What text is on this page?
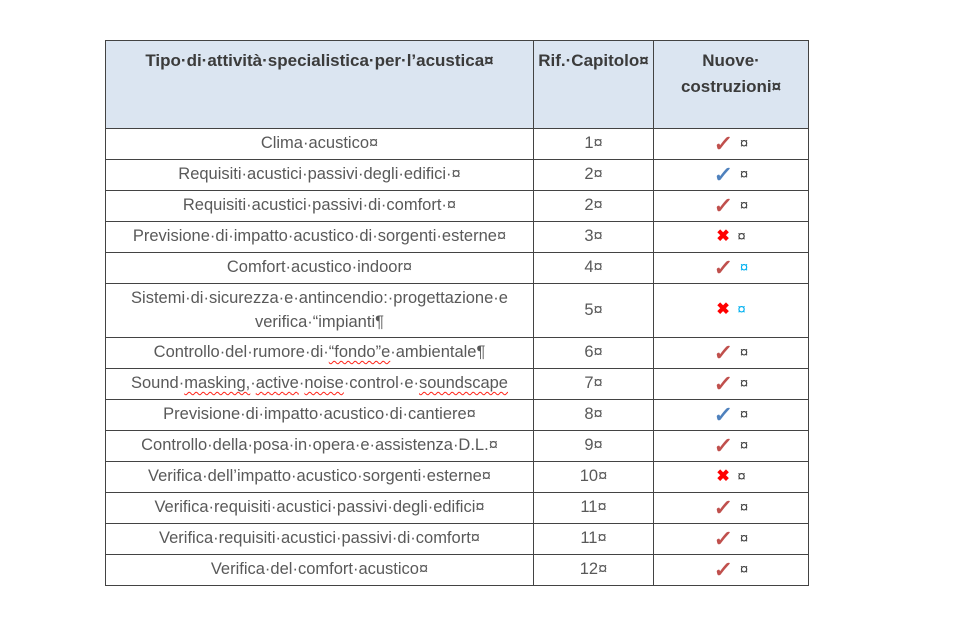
Tipo·di·attività·specialistica·per·l’acustica¤	Rif.·Capitolo¤	Nuove·
costruzioni¤

Clima·acustico¤	1¤	✓ ¤
Requisiti·acustici·passivi·degli·edifici·¤	2¤	✓ ¤
Requisiti·acustici·passivi·di·comfort·¤	2¤	✓ ¤
Previsione·di·impatto·acustico·di·sorgenti·esterne¤	3¤	✖ ¤
Comfort·acustico·indoor¤	4¤	✓ ¤
Sistemi·di·sicurezza·e·antincendio:·progettazione·e
verifica·“impianti¶	5¤	✖ ¤
Controllo·del·rumore·di·“fondo”e·ambientale¶	6¤	✓ ¤
Sound·masking,·active·noise·control·e·soundscape	7¤	✓ ¤
Previsione·di·impatto·acustico·di·cantiere¤	8¤	✓ ¤
Controllo·della·posa·in·opera·e·assistenza·D.L.¤	9¤	✓ ¤
Verifica·dell’impatto·acustico·sorgenti·esterne¤	10¤	✖ ¤
Verifica·requisiti·acustici·passivi·degli·edifici¤	11¤	✓ ¤
Verifica·requisiti·acustici·passivi·di·comfort¤	11¤	✓ ¤
Verifica·del·comfort·acustico¤	12¤	✓ ¤
